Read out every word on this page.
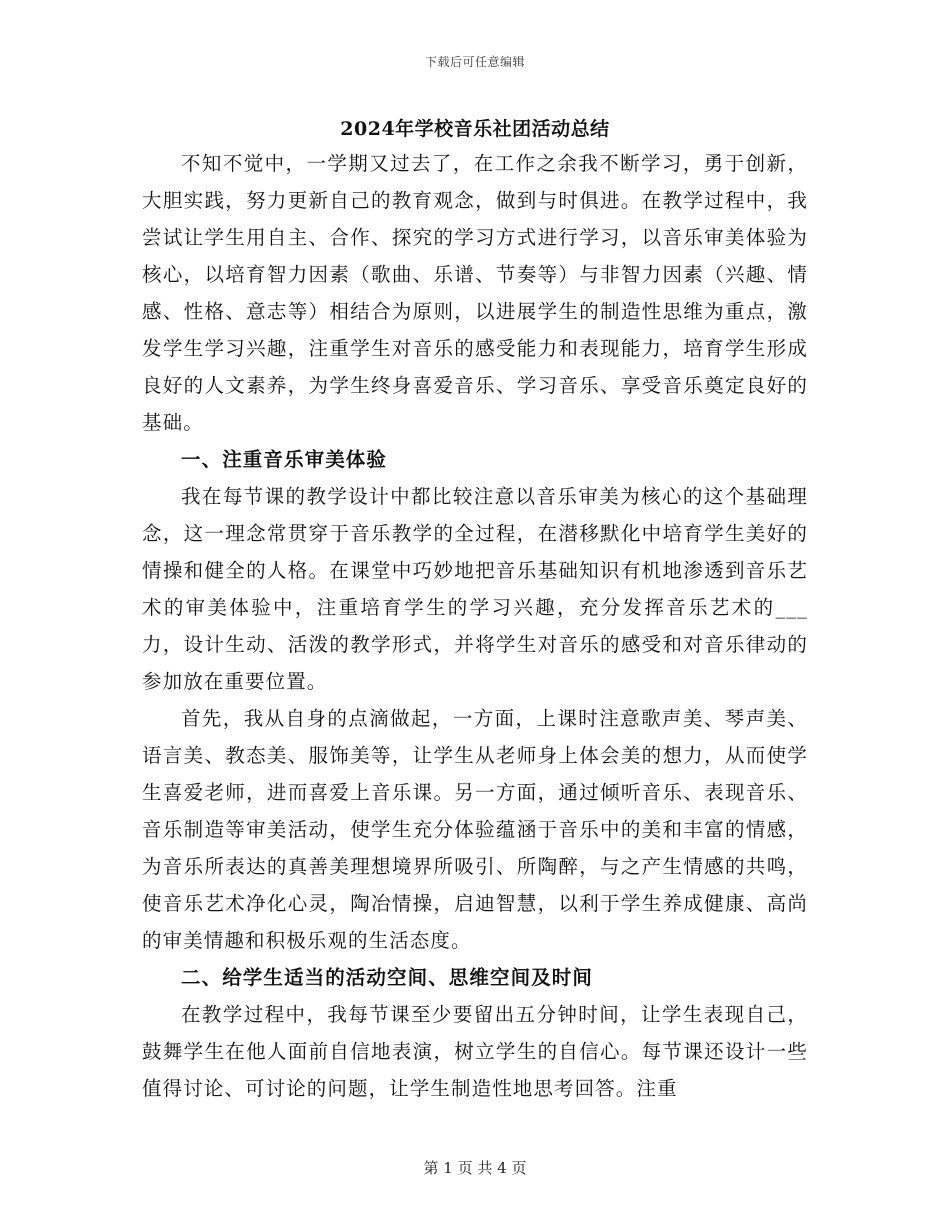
下载后可任意编辑
2024年学校音乐社团活动总结

不知不觉中，一学期又过去了，在工作之余我不断学习，勇于创新，大胆实践，努力更新自己的教育观念，做到与时俱进。在教学过程中，我尝试让学生用自主、合作、探究的学习方式进行学习，以音乐审美体验为核心，以培育智力因素（歌曲、乐谱、节奏等）与非智力因素（兴趣、情感、性格、意志等）相结合为原则，以进展学生的制造性思维为重点，激发学生学习兴趣，注重学生对音乐的感受能力和表现能力，培育学生形成良好的人文素养，为学生终身喜爱音乐、学习音乐、享受音乐奠定良好的基础。

一、注重音乐审美体验

我在每节课的教学设计中都比较注意以音乐审美为核心的这个基础理念，这一理念常贯穿于音乐教学的全过程，在潜移默化中培育学生美好的情操和健全的人格。在课堂中巧妙地把音乐基础知识有机地渗透到音乐艺术的审美体验中，注重培育学生的学习兴趣，充分发挥音乐艺术的___力，设计生动、活泼的教学形式，并将学生对音乐的感受和对音乐律动的参加放在重要位置。

首先，我从自身的点滴做起，一方面，上课时注意歌声美、琴声美、语言美、教态美、服饰美等，让学生从老师身上体会美的想力，从而使学生喜爱老师，进而喜爱上音乐课。另一方面，通过倾听音乐、表现音乐、音乐制造等审美活动，使学生充分体验蕴涵于音乐中的美和丰富的情感，为音乐所表达的真善美理想境界所吸引、所陶醉，与之产生情感的共鸣，使音乐艺术净化心灵，陶冶情操，启迪智慧，以利于学生养成健康、高尚的审美情趣和积极乐观的生活态度。

二、给学生适当的活动空间、思维空间及时间

在教学过程中，我每节课至少要留出五分钟时间，让学生表现自己，鼓舞学生在他人面前自信地表演，树立学生的自信心。每节课还设计一些值得讨论、可讨论的问题，让学生制造性地思考回答。注重

第 1 页 共 4 页
